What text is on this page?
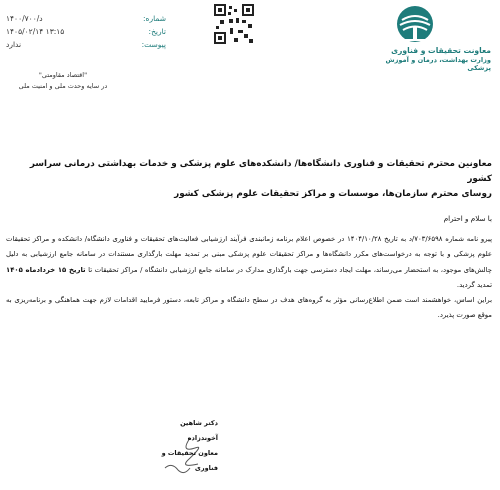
معاونت تحقیقات و فناوری
وزارت بهداشت، درمان و آموزش پزشکی
شماره:
۱۴۰۰/۷۰۰/د
تاریخ:
۱۴۰۵/۰۲/۱۴ ۱۳:۱۵
پیوست:
ندارد
"اقتصاد مقاومتی"
در سایه وحدت ملی و امنیت ملی
معاونین محترم تحقیقات و فناوری دانشگاه‌ها/ دانشکده‌های علوم پزشکی و خدمات بهداشتی درمانی سراسر کشور
روسای محترم سازمان‌ها، موسسات و مراکز تحقیقات علوم پزشکی کشور
با سلام و احترام
پیرو نامه شماره ۷۰۳/۶۵۹۸/د به تاریخ ۱۴۰۴/۱۰/۲۸ در خصوص اعلام برنامه زمانبندی فرآیند ارزشیابی فعالیت‌های تحقیقات و فناوری دانشگاه/ دانشکده و مراکز تحقیقات علوم پزشکی و با توجه به درخواست‌های مکرر دانشگاه‌ها و مراکز تحقیقات علوم پزشکی مبنی بر تمدید مهلت بارگذاری مستندات در سامانه جامع ارزشیابی به دلیل چالش‌های موجود، به استحضار می‌رساند، مهلت ایجاد دسترسی جهت بارگذاری مدارک در سامانه جامع ارزشیابی دانشگاه / مراکز تحقیقات تا تاریخ ۱۵ خردادماه ۱۴۰۵ تمدید گردید.
براین اساس، خواهشمند است ضمن اطلاع‌رسانی مؤثر به گروه‌های هدف در سطح دانشگاه و مراکز تابعه، دستور فرمایید اقدامات لازم جهت هماهنگی و برنامه‌ریزی به موقع صورت پذیرد.
دکتر شاهین آخوندزاده
معاون تحقیقات و فناوری
